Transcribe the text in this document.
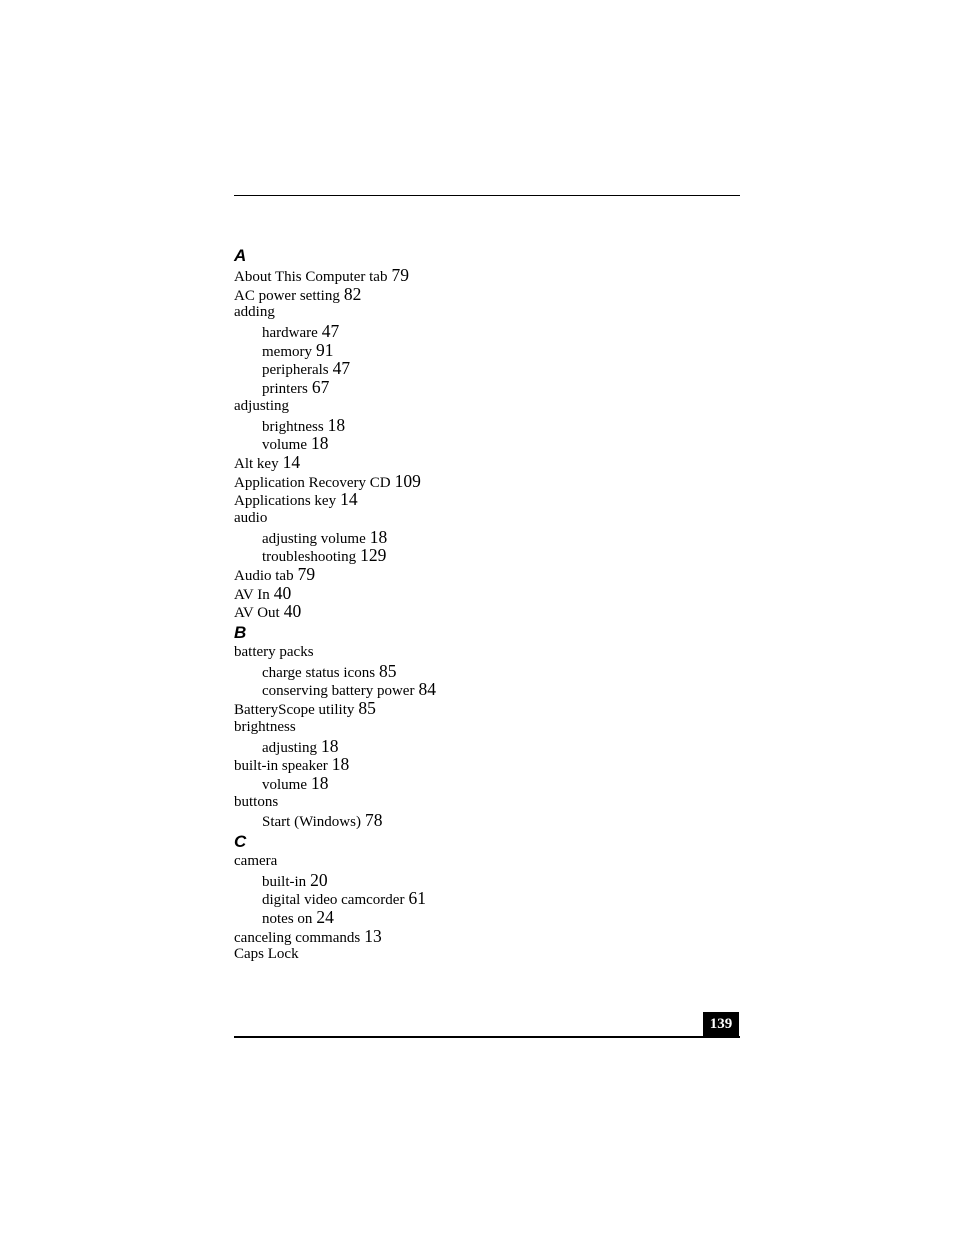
A
About This Computer tab 79
AC power setting 82
adding
hardware 47
memory 91
peripherals 47
printers 67
adjusting
brightness 18
volume 18
Alt key 14
Application Recovery CD 109
Applications key 14
audio
adjusting volume 18
troubleshooting 129
Audio tab 79
AV In 40
AV Out 40
B
battery packs
charge status icons 85
conserving battery power 84
BatteryScope utility 85
brightness
adjusting 18
built-in speaker 18
volume 18
buttons
Start (Windows) 78
C
camera
built-in 20
digital video camcorder 61
notes on 24
canceling commands 13
Caps Lock
139
